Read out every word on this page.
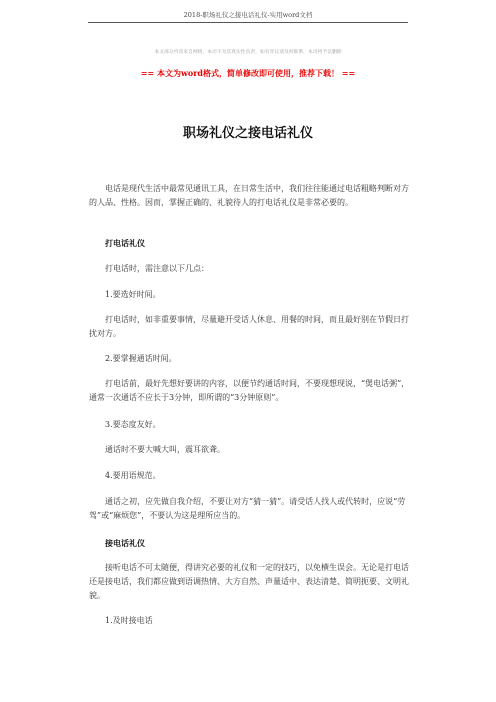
2018-职场礼仪之接电话礼仪-实用word文档
本文部分内容来自网络，本司不为其真实性负责，如有异议请及时联系，本司将予以删除
== 本文为word格式，简单修改即可使用，推荐下载！ ==
职场礼仪之接电话礼仪

电话是现代生活中最常见通讯工具，在日常生活中，我们往往能通过电话粗略判断对方的人品、性格。因而，掌握正确的、礼貌待人的打电话礼仪是非常必要的。

打电话礼仪

打电话时，需注意以下几点：

1.要选好时间。

打电话时，如非重要事情，尽量避开受话人休息、用餐的时间，而且最好别在节假日打扰对方。

2.要掌握通话时间。

打电话前，最好先想好要讲的内容，以便节约通话时间，不要现想现说，“煲电话粥”，通常一次通话不应长于3分钟，即所谓的“3分钟原则”。

3.要态度友好。

通话时不要大喊大叫，震耳欲聋。

4.要用语规范。

通话之初，应先做自我介绍，不要让对方“猜一猜”。请受话人找人或代转时，应说“劳驾”或“麻烦您”，不要认为这是理所应当的。

接电话礼仪

接听电话不可太随便，得讲究必要的礼仪和一定的技巧，以免横生误会。无论是打电话还是接电话，我们都应做到语调热情、大方自然、声量适中、表达清楚、简明扼要、文明礼貌。

1.及时接电话
